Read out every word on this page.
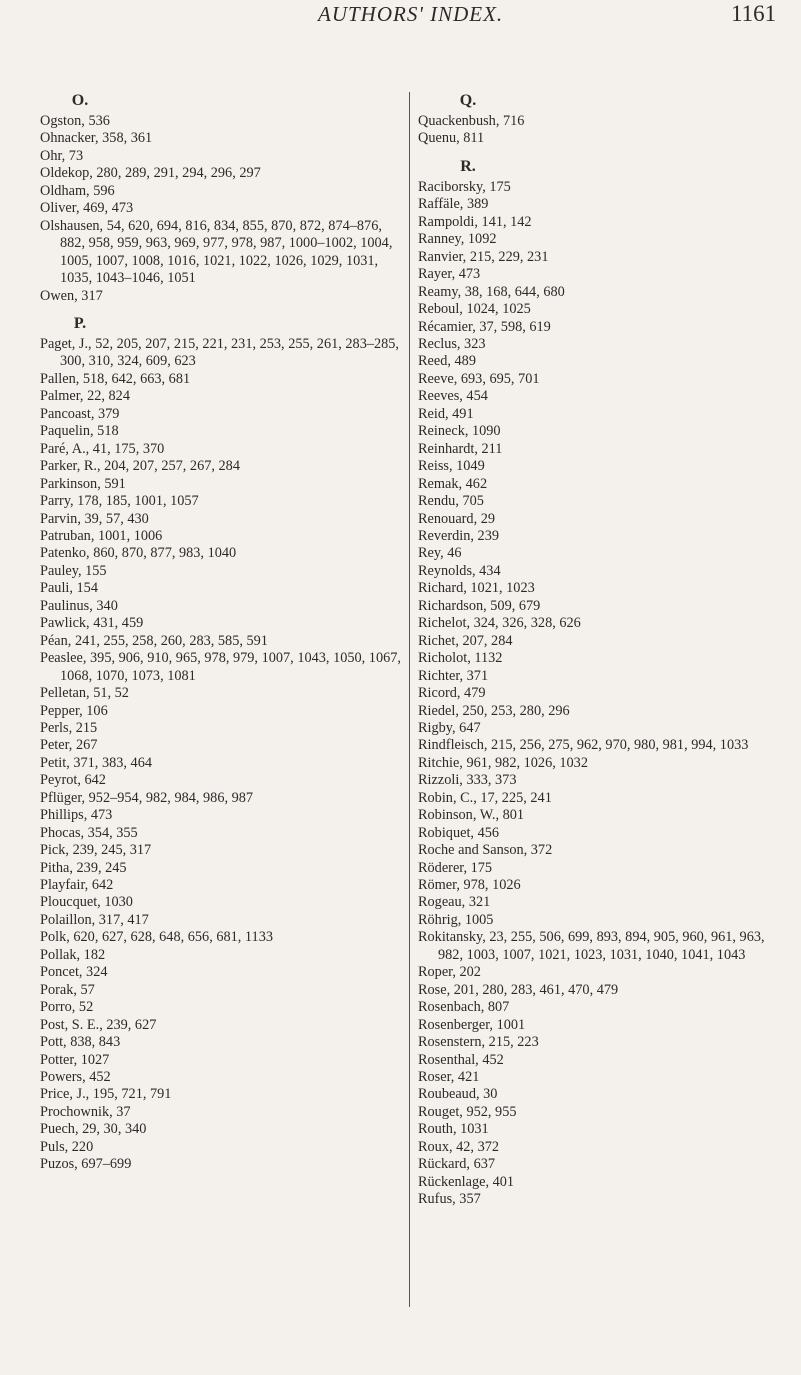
AUTHORS' INDEX.	1161
O.
Ogston, 536
Ohnacker, 358, 361
Ohr, 73
Oldekop, 280, 289, 291, 294, 296, 297
Oldham, 596
Oliver, 469, 473
Olshausen, 54, 620, 694, 816, 834, 855, 870, 872, 874–876, 882, 958, 959, 963, 969, 977, 978, 987, 1000–1002, 1004, 1005, 1007, 1008, 1016, 1021, 1022, 1026, 1029, 1031, 1035, 1043–1046, 1051
Owen, 317
P.
Paget, J., 52, 205, 207, 215, 221, 231, 253, 255, 261, 283–285, 300, 310, 324, 609, 623
Pallen, 518, 642, 663, 681
Palmer, 22, 824
Pancoast, 379
Paquelin, 518
Paré, A., 41, 175, 370
Parker, R., 204, 207, 257, 267, 284
Parkinson, 591
Parry, 178, 185, 1001, 1057
Parvin, 39, 57, 430
Patruban, 1001, 1006
Patenko, 860, 870, 877, 983, 1040
Pauley, 155
Pauli, 154
Paulinus, 340
Pawlick, 431, 459
Péan, 241, 255, 258, 260, 283, 585, 591
Peaslee, 395, 906, 910, 965, 978, 979, 1007, 1043, 1050, 1067, 1068, 1070, 1073, 1081
Pelletan, 51, 52
Pepper, 106
Perls, 215
Peter, 267
Petit, 371, 383, 464
Peyrot, 642
Pflüger, 952–954, 982, 984, 986, 987
Phillips, 473
Phocas, 354, 355
Pick, 239, 245, 317
Pitha, 239, 245
Playfair, 642
Ploucquet, 1030
Polaillon, 317, 417
Polk, 620, 627, 628, 648, 656, 681, 1133
Pollak, 182
Poncet, 324
Porak, 57
Porro, 52
Post, S. E., 239, 627
Pott, 838, 843
Potter, 1027
Powers, 452
Price, J., 195, 721, 791
Prochownik, 37
Puech, 29, 30, 340
Puls, 220
Puzos, 697–699
Q.
Quackenbush, 716
Quenu, 811
R.
Raciborsky, 175
Raffäle, 389
Rampoldi, 141, 142
Ranney, 1092
Ranvier, 215, 229, 231
Rayer, 473
Reamy, 38, 168, 644, 680
Reboul, 1024, 1025
Récamier, 37, 598, 619
Reclus, 323
Reed, 489
Reeve, 693, 695, 701
Reeves, 454
Reid, 491
Reineck, 1090
Reinhardt, 211
Reiss, 1049
Remak, 462
Rendu, 705
Renouard, 29
Reverdin, 239
Rey, 46
Reynolds, 434
Richard, 1021, 1023
Richardson, 509, 679
Richelot, 324, 326, 328, 626
Richet, 207, 284
Richolot, 1132
Richter, 371
Ricord, 479
Riedel, 250, 253, 280, 296
Rigby, 647
Rindfleisch, 215, 256, 275, 962, 970, 980, 981, 994, 1033
Ritchie, 961, 982, 1026, 1032
Rizzoli, 333, 373
Robin, C., 17, 225, 241
Robinson, W., 801
Robiquet, 456
Roche and Sanson, 372
Röderer, 175
Römer, 978, 1026
Rogeau, 321
Röhrig, 1005
Rokitansky, 23, 255, 506, 699, 893, 894, 905, 960, 961, 963, 982, 1003, 1007, 1021, 1023, 1031, 1040, 1041, 1043
Roper, 202
Rose, 201, 280, 283, 461, 470, 479
Rosenbach, 807
Rosenberger, 1001
Rosenstern, 215, 223
Rosenthal, 452
Roser, 421
Roubeaud, 30
Rouget, 952, 955
Routh, 1031
Roux, 42, 372
Rückard, 637
Rückenlage, 401
Rufus, 357
